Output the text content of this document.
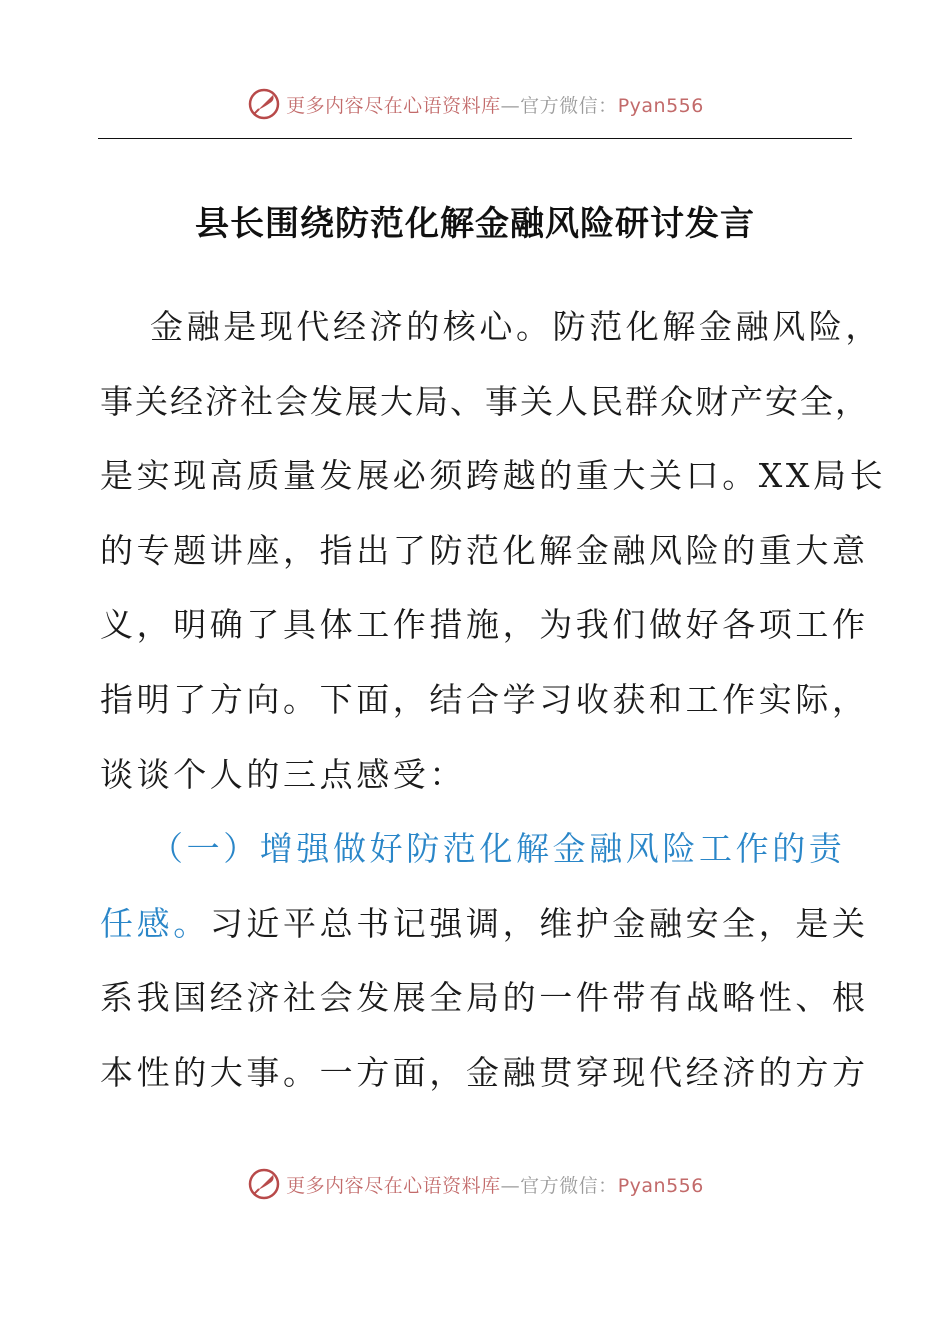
更多内容尽在心语资料库—官方微信：Pyan556
县长围绕防范化解金融风险研讨发言
金融是现代经济的核心。防范化解金融风险，
事关经济社会发展大局、事关人民群众财产安全，
是实现高质量发展必须跨越的重大关口。XX局长
的专题讲座，指出了防范化解金融风险的重大意
义，明确了具体工作措施，为我们做好各项工作
指明了方向。下面，结合学习收获和工作实际，
谈谈个人的三点感受：
（一）增强做好防范化解金融风险工作的责
任感。习近平总书记强调，维护金融安全，是关
系我国经济社会发展全局的一件带有战略性、根
本性的大事。一方面，金融贯穿现代经济的方方
更多内容尽在心语资料库—官方微信：Pyan556
